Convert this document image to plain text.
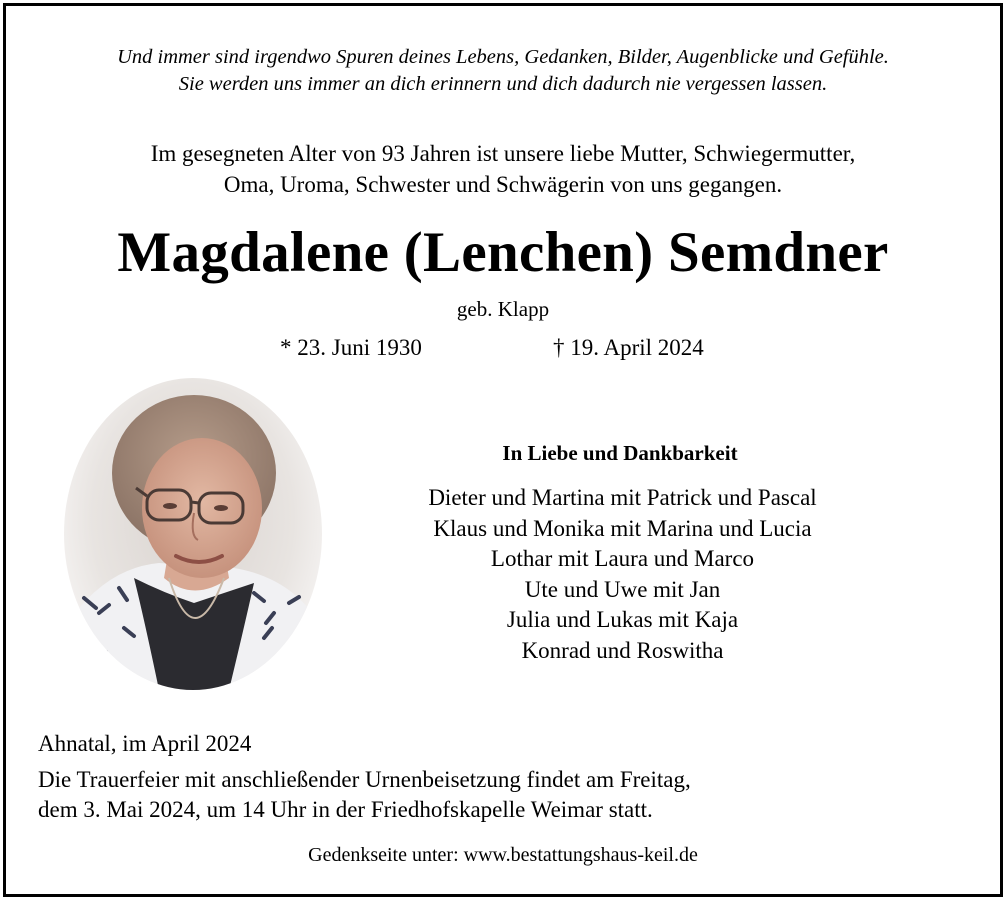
Und immer sind irgendwo Spuren deines Lebens, Gedanken, Bilder, Augenblicke und Gefühle.
Sie werden uns immer an dich erinnern und dich dadurch nie vergessen lassen.
Im gesegneten Alter von 93 Jahren ist unsere liebe Mutter, Schwiegermutter,
Oma, Uroma, Schwester und Schwägerin von uns gegangen.
Magdalene (Lenchen) Semdner
geb. Klapp
* 23. Juni 1930	† 19. April 2024
In Liebe und Dankbarkeit
Dieter und Martina mit Patrick und Pascal
Klaus und Monika mit Marina und Lucia
Lothar mit Laura und Marco
Ute und Uwe mit Jan
Julia und Lukas mit Kaja
Konrad und Roswitha
Ahnatal, im April 2024
Die Trauerfeier mit anschließender Urnenbeisetzung findet am Freitag,
dem 3. Mai 2024, um 14 Uhr in der Friedhofskapelle Weimar statt.
Gedenkseite unter: www.bestattungshaus-keil.de
